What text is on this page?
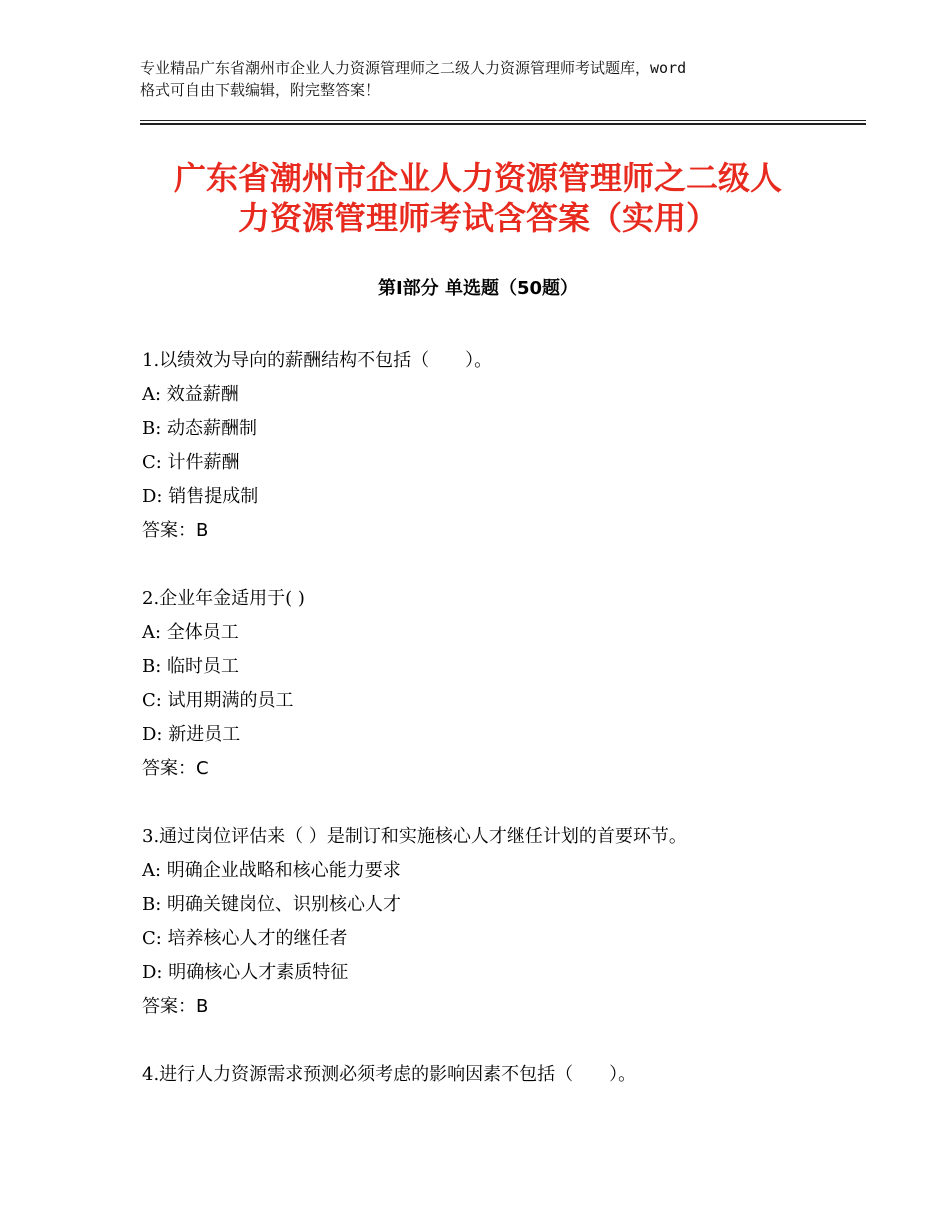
专业精品广东省潮州市企业人力资源管理师之二级人力资源管理师考试题库，word
格式可自由下载编辑，附完整答案！
广东省潮州市企业人力资源管理师之二级人
力资源管理师考试含答案（实用）
第Ⅰ部分 单选题（50题）
1.以绩效为导向的薪酬结构不包括（　　）。
A: 效益薪酬
B: 动态薪酬制
C: 计件薪酬
D: 销售提成制
答案：B
2.企业年金适用于( )
A: 全体员工
B: 临时员工
C: 试用期满的员工
D: 新进员工
答案：C
3.通过岗位评估来（ ）是制订和实施核心人才继任计划的首要环节。
A: 明确企业战略和核心能力要求
B: 明确关键岗位、识别核心人才
C: 培养核心人才的继任者
D: 明确核心人才素质特征
答案：B
4.进行人力资源需求预测必须考虑的影响因素不包括（　　）。
